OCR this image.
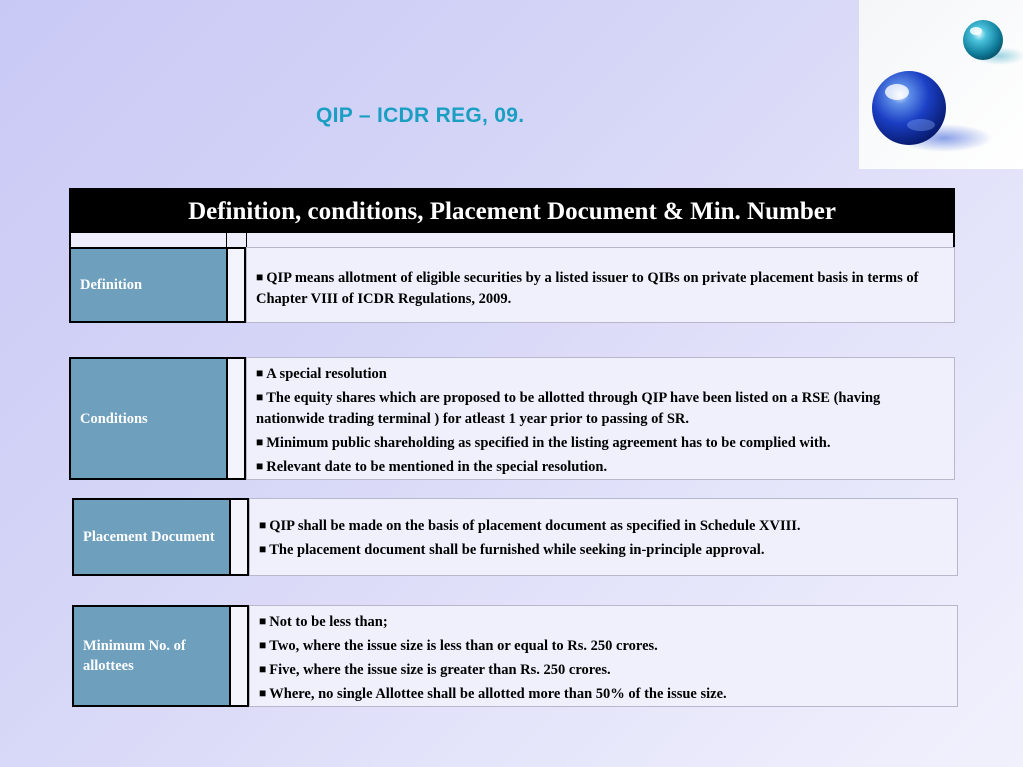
QIP – ICDR REG, 09.
Definition, conditions, Placement Document & Min. Number
Definition	■ QIP means allotment of eligible securities by a listed issuer to QIBs on private placement basis in terms of Chapter VIII of ICDR Regulations, 2009.
Conditions
■ A special resolution
■ The equity shares which are proposed to be allotted through QIP have been listed on a RSE (having nationwide trading terminal ) for atleast 1 year prior to passing of SR.
■ Minimum public shareholding as specified in the listing agreement has to be complied with.
■ Relevant date to be mentioned in the special resolution.
Placement Document
■ QIP shall be made on the basis of placement document as specified in Schedule XVIII.
■ The placement document shall be furnished while seeking in-principle approval.
Minimum No. of allottees
■ Not to be less than;
■ Two, where the issue size is less than or equal to Rs. 250 crores.
■ Five, where the issue size is greater than Rs. 250 crores.
■ Where, no single Allottee shall be allotted more than 50% of the issue size.
